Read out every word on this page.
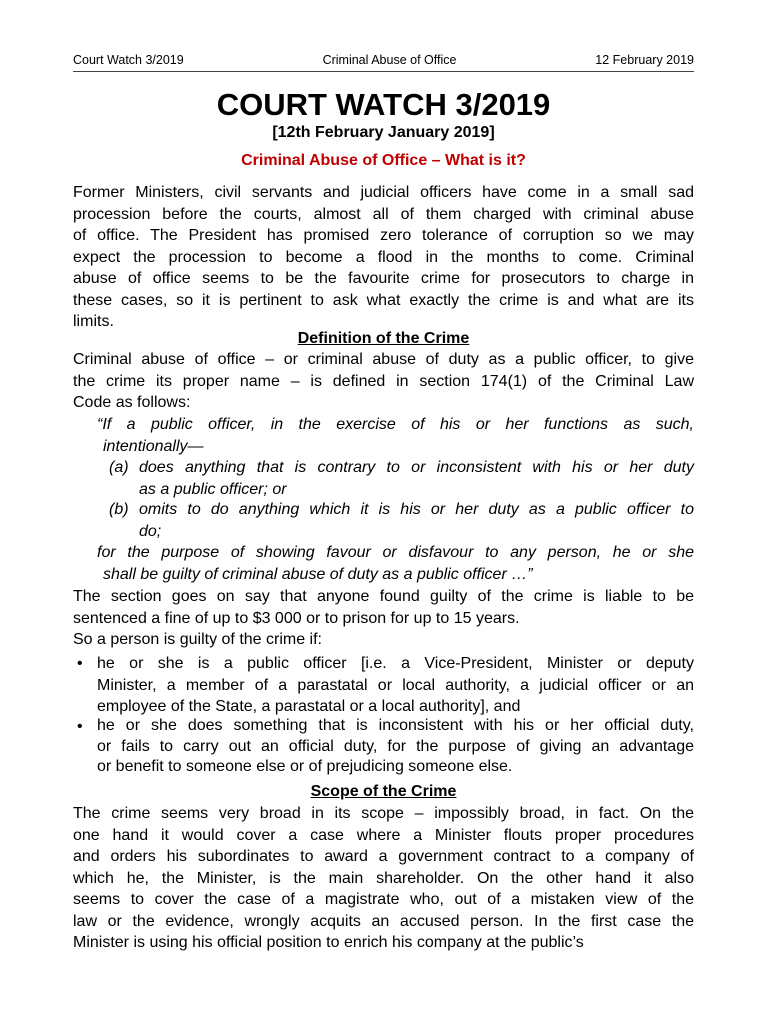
Court Watch 3/2019	Criminal Abuse of Office	12 February 2019
COURT WATCH 3/2019
[12th February January 2019]
Criminal Abuse of Office – What is it?
Former Ministers, civil servants and judicial officers have come in a small sad
procession before the courts, almost all of them charged with criminal abuse
of office. The President has promised zero tolerance of corruption so we may
expect the procession to become a flood in the months to come. Criminal
abuse of office seems to be the favourite crime for prosecutors to charge in
these cases, so it is pertinent to ask what exactly the crime is and what are its
limits.
Definition of the Crime
Criminal abuse of office – or criminal abuse of duty as a public officer, to give
the crime its proper name – is defined in section 174(1) of the Criminal Law
Code as follows:
“If a public officer, in the exercise of his or her functions as such,
intentionally—
does anything that is contrary to or inconsistent with his or her duty
as a public officer; or
(a)
omits to do anything which it is his or her duty as a public officer to
do;
(b)
for the purpose of showing favour or disfavour to any person, he or she
shall be guilty of criminal abuse of duty as a public officer …”
The section goes on say that anyone found guilty of the crime is liable to be
sentenced a fine of up to $3 000 or to prison for up to 15 years.
So a person is guilty of the crime if:
he or she is a public officer [i.e. a Vice-President, Minister or deputy
Minister, a member of a parastatal or local authority, a judicial officer or an
employee of the State, a parastatal or a local authority], and
•
he or she does something that is inconsistent with his or her official duty,
or fails to carry out an official duty, for the purpose of giving an advantage
or benefit to someone else or of prejudicing someone else.
•
Scope of the Crime
The crime seems very broad in its scope – impossibly broad, in fact. On the
one hand it would cover a case where a Minister flouts proper procedures
and orders his subordinates to award a government contract to a company of
which he, the Minister, is the main shareholder. On the other hand it also
seems to cover the case of a magistrate who, out of a mistaken view of the
law or the evidence, wrongly acquits an accused person. In the first case the
Minister is using his official position to enrich his company at the public’s
